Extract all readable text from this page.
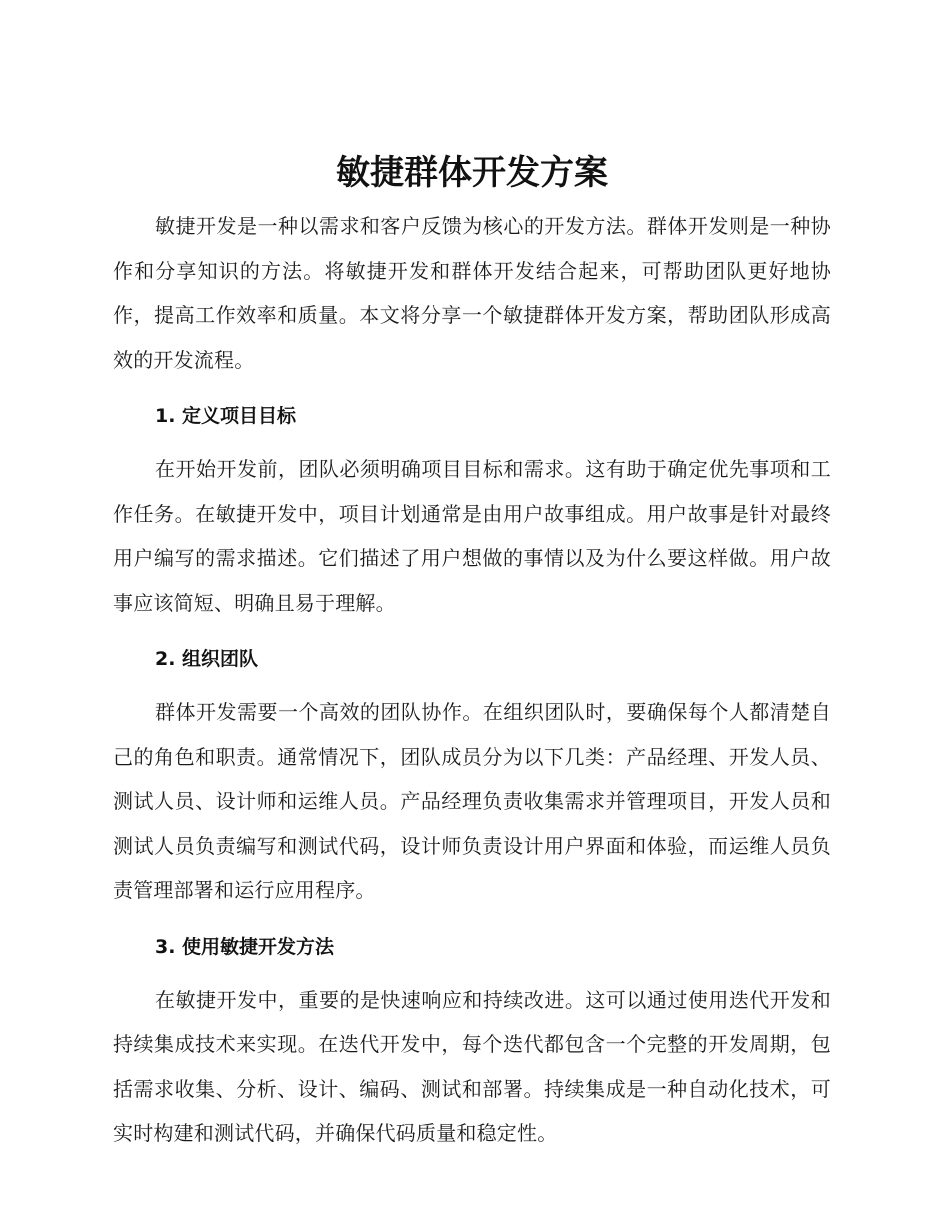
敏捷群体开发方案

敏捷开发是一种以需求和客户反馈为核心的开发方法。群体开发则是一种协作和分享知识的方法。将敏捷开发和群体开发结合起来，可帮助团队更好地协作，提高工作效率和质量。本文将分享一个敏捷群体开发方案，帮助团队形成高效的开发流程。

1. 定义项目目标

在开始开发前，团队必须明确项目目标和需求。这有助于确定优先事项和工作任务。在敏捷开发中，项目计划通常是由用户故事组成。用户故事是针对最终用户编写的需求描述。它们描述了用户想做的事情以及为什么要这样做。用户故事应该简短、明确且易于理解。

2. 组织团队

群体开发需要一个高效的团队协作。在组织团队时，要确保每个人都清楚自己的角色和职责。通常情况下，团队成员分为以下几类：产品经理、开发人员、测试人员、设计师和运维人员。产品经理负责收集需求并管理项目，开发人员和测试人员负责编写和测试代码，设计师负责设计用户界面和体验，而运维人员负责管理部署和运行应用程序。

3. 使用敏捷开发方法

在敏捷开发中，重要的是快速响应和持续改进。这可以通过使用迭代开发和持续集成技术来实现。在迭代开发中，每个迭代都包含一个完整的开发周期，包括需求收集、分析、设计、编码、测试和部署。持续集成是一种自动化技术，可实时构建和测试代码，并确保代码质量和稳定性。
